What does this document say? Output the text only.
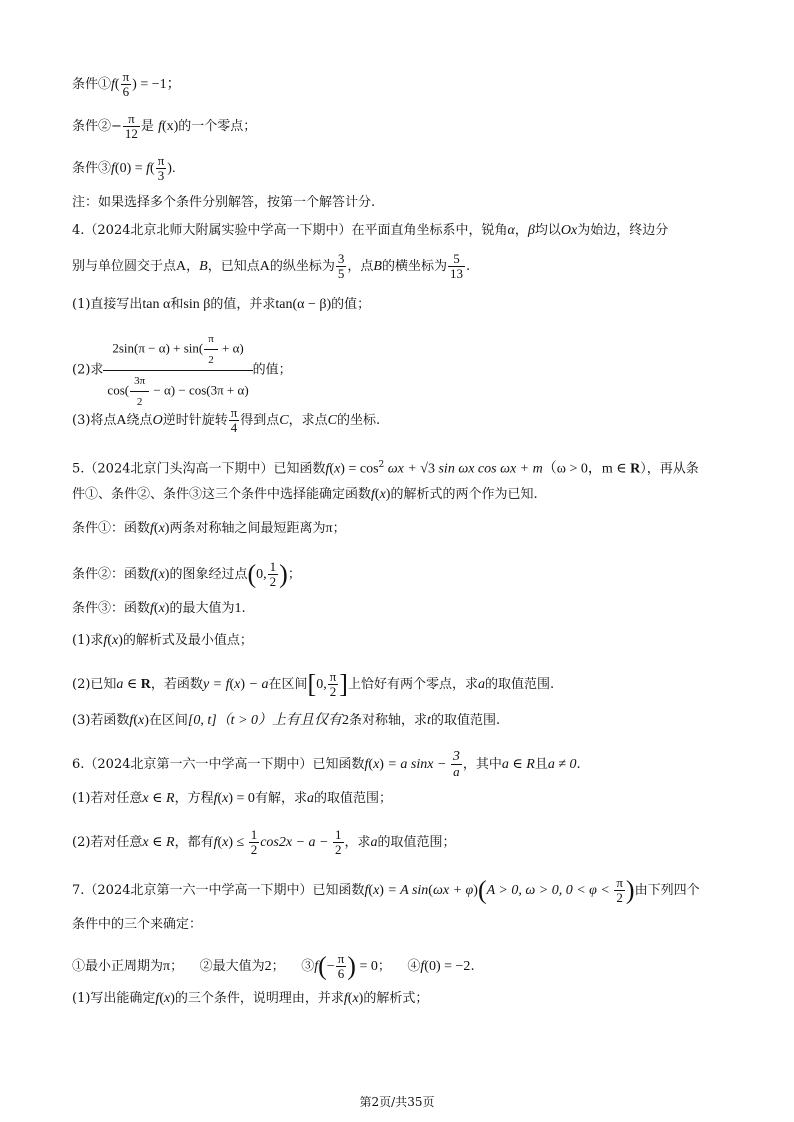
条件①f( $\frac{\pi}{6}$ ) = −1；
条件②− $\frac{\pi}{12}$ 是 f(x)的一个零点；
条件③f(0) = $f( \frac{\pi}{3}$ ).
注：如果选择多个条件分别解答，按第一个解答计分.
4.（2024北京北师大附属实验中学高一下期中）在平面直角坐标系中，锐角α，β均以Ox为始边，终边分
别与单位圆交于点A，B，已知点A的纵坐标为 $\frac{3}{5}$ ，点B的横坐标为 $\frac{5}{13}$ .
(1)直接写出tan α和sin β的值，并求tan(α − β)的值；
(2)求 $\frac{2\sin(\pi - \alpha) + \sin( \frac{\pi}{2} + \alpha)}{\cos( \frac{3\pi}{2} - \alpha) - \cos(3\pi + \alpha)}$ 的值；
(3)将点A绕点O逆时针旋转 $\frac{\pi}{4}$ 得到点C，求点C的坐标.
5.（2024北京门头沟高一下期中）已知函数$f(x) = \cos^2 \omega x + √3$ sin ωx cos ωx + m（ω > 0，m ∈ R），再从条
件①、条件②、条件③这三个条件中选择能确定函数f(x)的解析式的两个作为已知.
条件①：函数f(x)两条对称轴之间最短距离为π；
条件②：函数f(x)的图象经过点(0, $\frac{1}{2}$ )；
条件③：函数f(x)的最大值为1.
(1)求f(x)的解析式及最小值点；
(2)已知a ∈ R，若函数y = f(x) − a在区间[0, $\frac{\pi}{2}$ ]上恰好有两个零点，求a的取值范围.
(3)若函数f(x)在区间[0, t]（t > 0）上有且仅有2条对称轴，求t的取值范围.
6.（2024北京第一六一中学高一下期中）已知函数f(x) = a $\sin x - \frac{3}{a}$ ，其中a ∈ R且a ≠ 0.
(1)若对任意x ∈ R，方程f(x) = 0有解，求a的取值范围；
(2)若对任意x ∈ R，都有$f(x) \le \frac{1}{2} \cos 2x - a - \frac{1}{2}$ ，求a的取值范围；
7.（2024北京第一六一中学高一下期中）已知函数f(x) = A sin(ωx + φ)(A > 0, ω > 0, $0 < \varphi < \frac{\pi}{2}$ )由下列四个
条件中的三个来确定：
①最小正周期为π； ②最大值为2； ③f(− $\frac{\pi}{6}$ ) = 0； ④f(0) = −2.
(1)写出能确定f(x)的三个条件，说明理由，并求f(x)的解析式；
第2页/共35页
